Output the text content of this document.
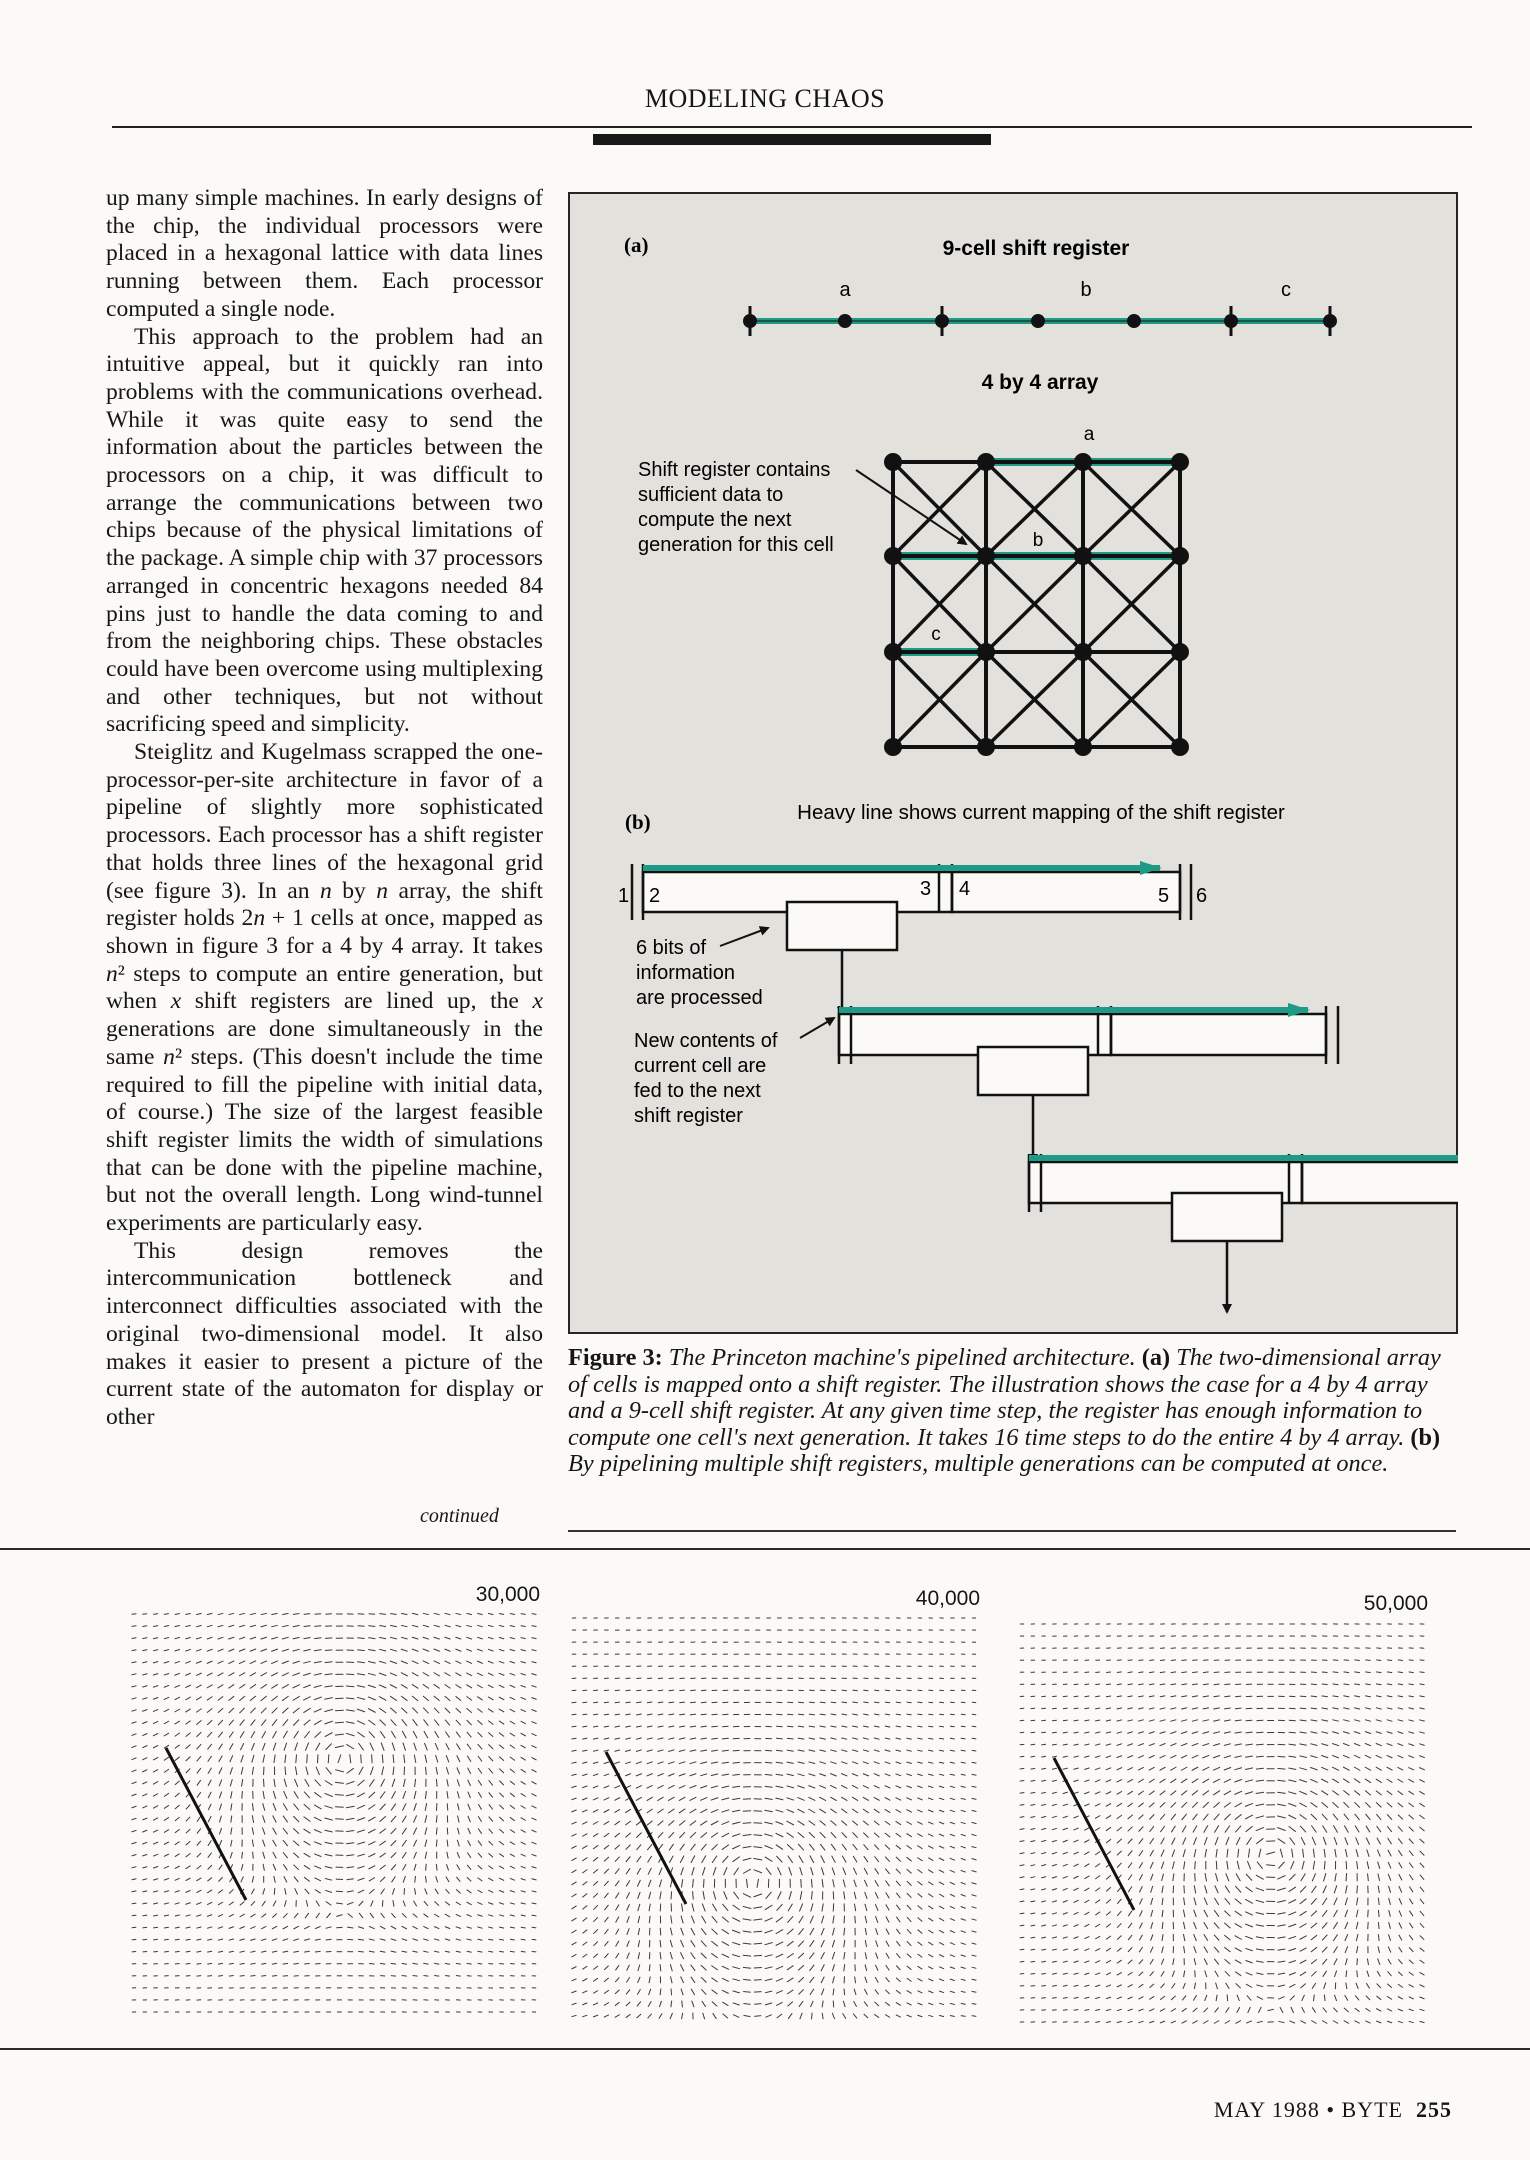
MODELING CHAOS

up many simple machines. In early designs of the chip, the individual processors were placed in a hexagonal lattice with data lines running between them. Each processor computed a single node.

This approach to the problem had an intuitive appeal, but it quickly ran into problems with the communications overhead. While it was quite easy to send the information about the particles between the processors on a chip, it was difficult to arrange the communications between two chips because of the physical limitations of the package. A simple chip with 37 processors arranged in concentric hexagons needed 84 pins just to handle the data coming to and from the neighboring chips. These obstacles could have been overcome using multiplexing and other techniques, but not without sacrificing speed and simplicity.

Steiglitz and Kugelmass scrapped the one-processor-per-site architecture in favor of a pipeline of slightly more sophisticated processors. Each processor has a shift register that holds three lines of the hexagonal grid (see figure 3). In an n by n array, the shift register holds 2n + 1 cells at once, mapped as shown in figure 3 for a 4 by 4 array. It takes n² steps to compute an entire generation, but when x shift registers are lined up, the x generations are done simultaneously in the same n² steps. (This doesn't include the time required to fill the pipeline with initial data, of course.) The size of the largest feasible shift register limits the width of simulations that can be done with the pipeline machine, but not the overall length. Long wind-tunnel experiments are particularly easy.

This design removes the intercommunication bottleneck and interconnect difficulties associated with the original two-dimensional model. It also makes it easier to present a picture of the current state of the automaton for display or other

continued
(a)	9-cell shift register
a	b	c
4 by 4 array
a
b
c
Shift register contains
sufficient data to
compute the next
generation for this cell
Heavy line shows current mapping of the shift register
(b)
1 2	3 4	5 6
6 bits of
information
are processed
New contents of
current cell are
fed to the next
shift register
Figure 3: The Princeton machine's pipelined architecture. (a) The two-dimensional array of cells is mapped onto a shift register. The illustration shows the case for a 4 by 4 array and a 9-cell shift register. At any given time step, the register has enough information to compute one cell's next generation. It takes 16 time steps to do the entire 4 by 4 array. (b) By pipelining multiple shift registers, multiple generations can be computed at once.
30,000	40,000	50,000
MAY 1988 • BYTE 255
